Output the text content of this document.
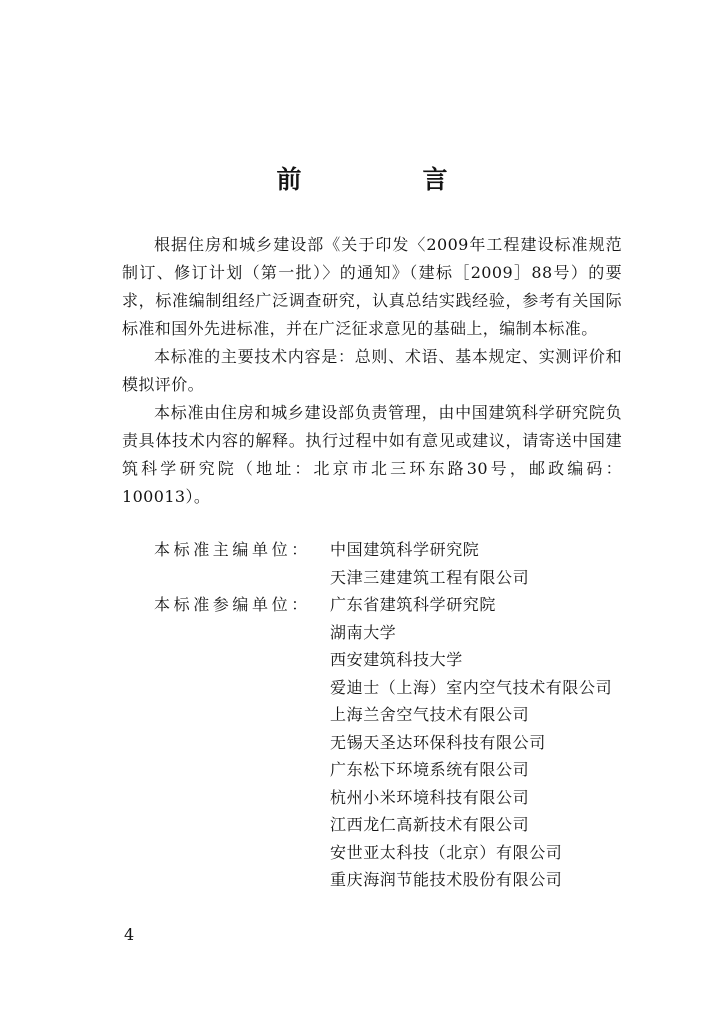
前　言

根据住房和城乡建设部《关于印发〈2009年工程建设标准规范制订、修订计划（第一批）〉的通知》（建标［2009］88号）的要求，标准编制组经广泛调查研究，认真总结实践经验，参考有关国际标准和国外先进标准，并在广泛征求意见的基础上，编制本标准。

本标准的主要技术内容是：总则、术语、基本规定、实测评价和模拟评价。

本标准由住房和城乡建设部负责管理，由中国建筑科学研究院负责具体技术内容的解释。执行过程中如有意见或建议，请寄送中国建筑科学研究院（地址：北京市北三环东路30号，邮政编码：100013）。

本标准主编单位：	中国建筑科学研究院
天津三建建筑工程有限公司
本标准参编单位：	广东省建筑科学研究院
湖南大学
西安建筑科技大学
爱迪士（上海）室内空气技术有限公司
上海兰舍空气技术有限公司
无锡天圣达环保科技有限公司
广东松下环境系统有限公司
杭州小米环境科技有限公司
江西龙仁高新技术有限公司
安世亚太科技（北京）有限公司
重庆海润节能技术股份有限公司
4
